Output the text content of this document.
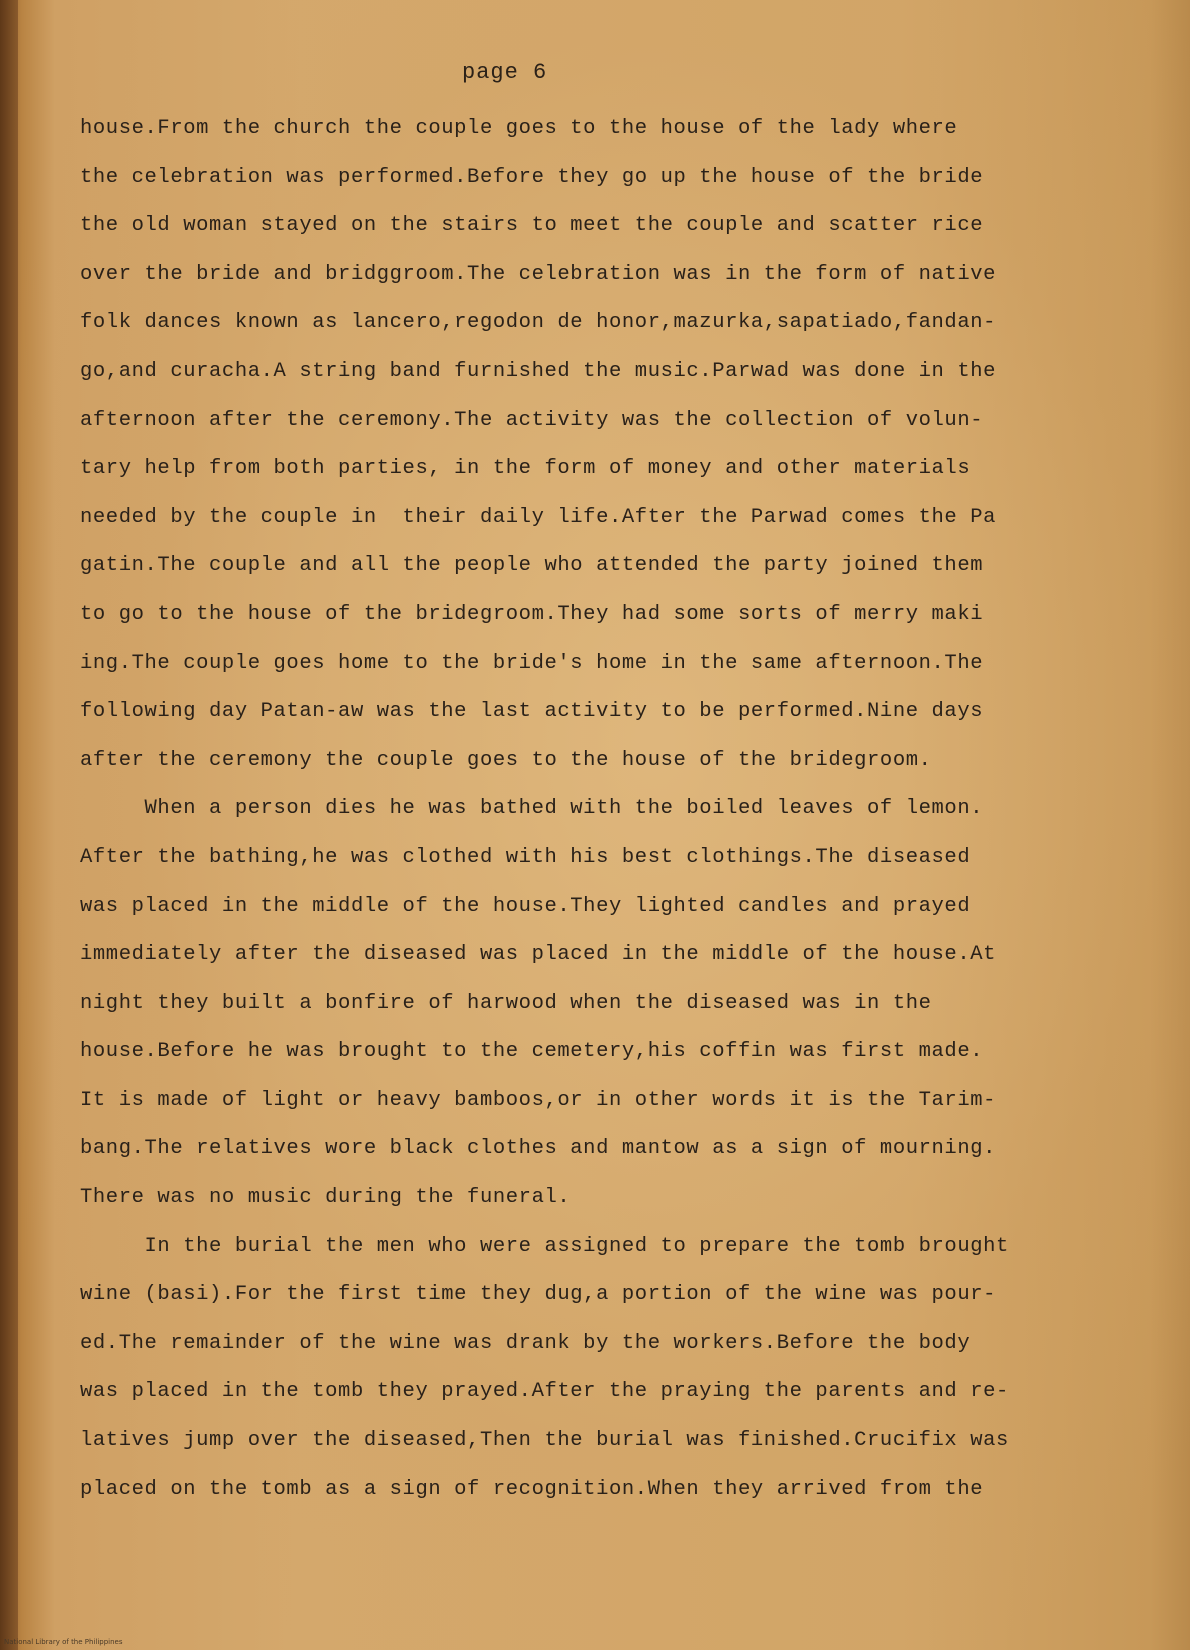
page 6
house.From the church the couple goes to the house of the lady where
the celebration was performed.Before they go up the house of the bride
the old woman stayed on the stairs to meet the couple and scatter rice
over the bride and bridggroom.The celebration was in the form of native
folk dances known as lancero,regodon de honor,mazurka,sapatiado,fandan-
go,and curacha.A string band furnished the music.Parwad was done in the
afternoon after the ceremony.The activity was the collection of volun-
tary help from both parties, in the form of money and other materials
needed by the couple in  their daily life.After the Parwad comes the Pa
gatin.The couple and all the people who attended the party joined them
to go to the house of the bridegroom.They had some sorts of merry maki
ing.The couple goes home to the bride's home in the same afternoon.The
following day Patan-aw was the last activity to be performed.Nine days
after the ceremony the couple goes to the house of the bridegroom.
When a person dies he was bathed with the boiled leaves of lemon.
After the bathing,he was clothed with his best clothings.The diseased
was placed in the middle of the house.They lighted candles and prayed
immediately after the diseased was placed in the middle of the house.At
night they built a bonfire of harwood when the diseased was in the
house.Before he was brought to the cemetery,his coffin was first made.
It is made of light or heavy bamboos,or in other words it is the Tarim-
bang.The relatives wore black clothes and mantow as a sign of mourning.
There was no music during the funeral.
In the burial the men who were assigned to prepare the tomb brought
wine (basi).For the first time they dug,a portion of the wine was pour-
ed.The remainder of the wine was drank by the workers.Before the body
was placed in the tomb they prayed.After the praying the parents and re-
latives jump over the diseased,Then the burial was finished.Crucifix was
placed on the tomb as a sign of recognition.When they arrived from the
National Library of the Philippines
